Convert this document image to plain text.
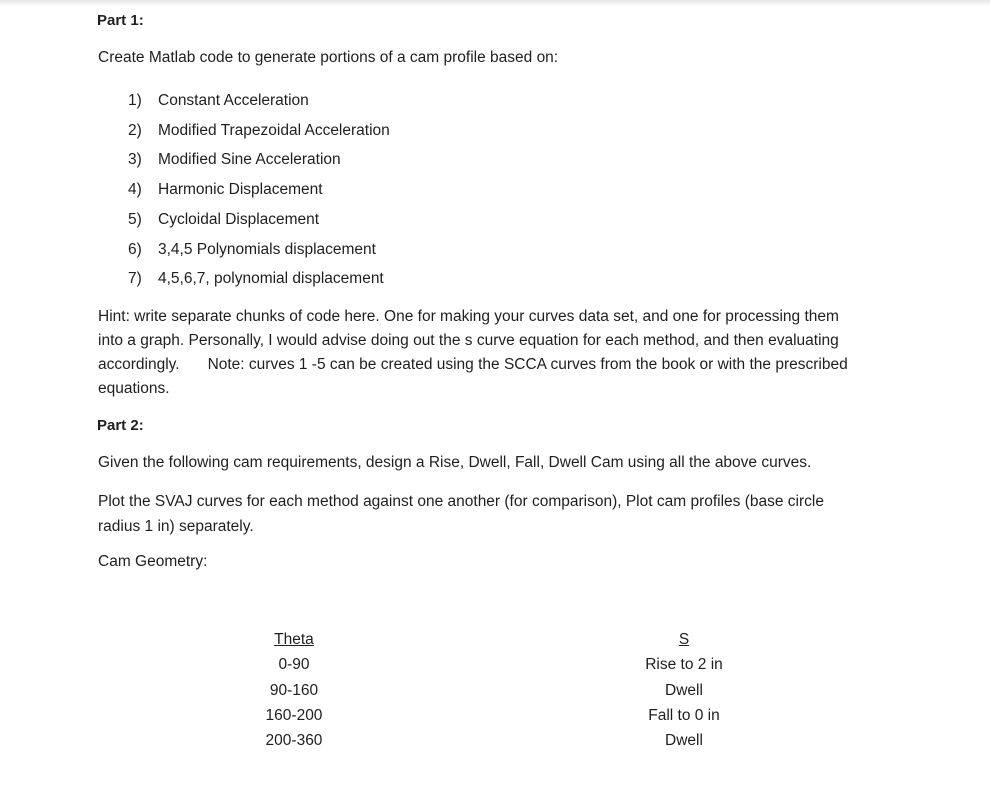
Part 1:
Create Matlab code to generate portions of a cam profile based on:
1) Constant Acceleration
2) Modified Trapezoidal Acceleration
3) Modified Sine Acceleration
4) Harmonic Displacement
5) Cycloidal Displacement
6) 3,4,5 Polynomials displacement
7) 4,5,6,7, polynomial displacement
Hint: write separate chunks of code here. One for making your curves data set, and one for processing them into a graph. Personally, I would advise doing out the s curve equation for each method, and then evaluating accordingly. Note: curves 1 -5 can be created using the SCCA curves from the book or with the prescribed equations.
Part 2:
Given the following cam requirements, design a Rise, Dwell, Fall, Dwell Cam using all the above curves.
Plot the SVAJ curves for each method against one another (for comparison), Plot cam profiles (base circle radius 1 in) separately.
Cam Geometry:
Theta
0-90
90-160
160-200
200-360
S
Rise to 2 in
Dwell
Fall to 0 in
Dwell
